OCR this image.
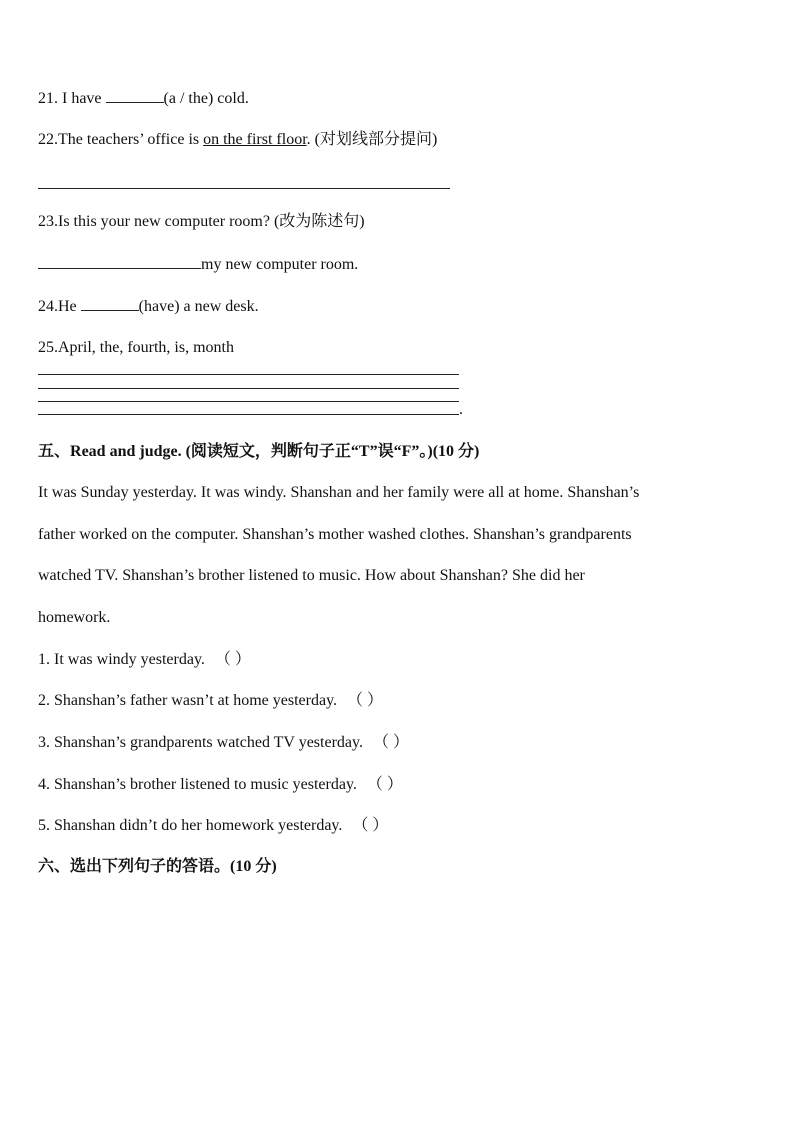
21. I have	(a / the) cold.
22.The teachers’ office is on the first floor. (对划线部分提问)
23.Is this your new computer room? (改为陈述句)
my new computer room.
24.He	(have) a new desk.
25.April, the, fourth, is, month
.
五、Read and judge. (阅读短文，判断句子正“T”误“F”。)(10 分)
It was Sunday yesterday. It was windy. Shanshan and her family were all at home. Shanshan’s
father worked on the computer. Shanshan’s mother washed clothes. Shanshan’s grandparents
watched TV. Shanshan’s brother listened to music. How about Shanshan? She did her
homework.
1. It was windy yesterday. （ ）
2. Shanshan’s father wasn’t at home yesterday. （ ）
3. Shanshan’s grandparents watched TV yesterday. （ ）
4. Shanshan’s brother listened to music yesterday. （ ）
5. Shanshan didn’t do her homework yesterday. （ ）
六、选出下列句子的答语。(10 分)
